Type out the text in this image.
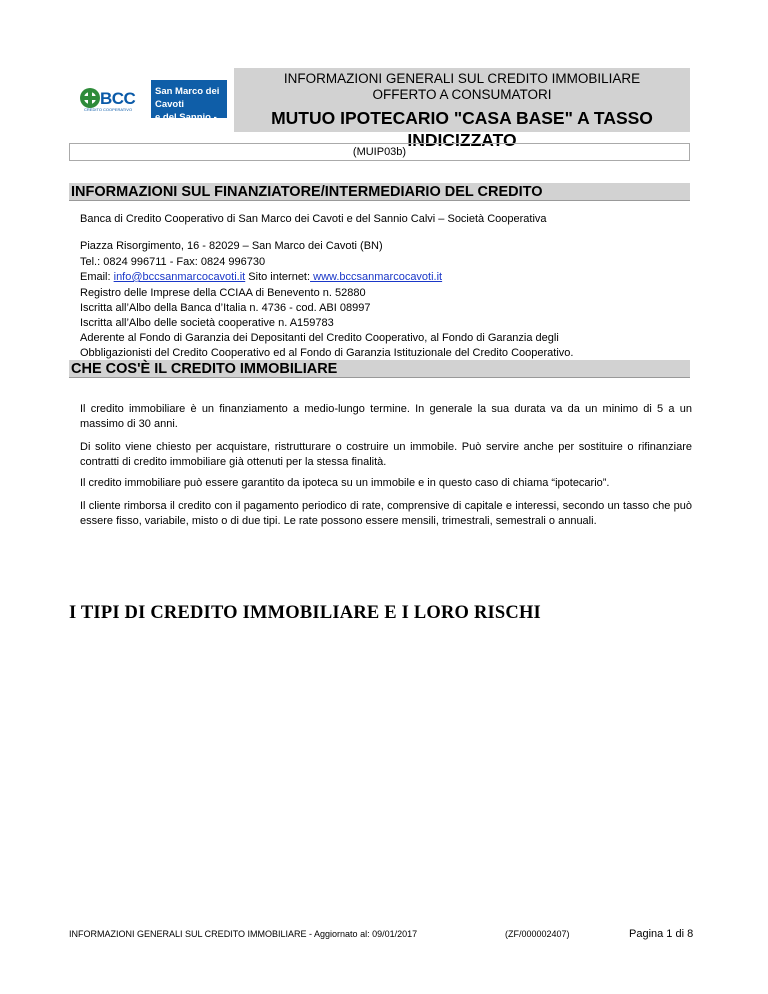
BCC
CREDITO COOPERATIVO
San Marco dei Cavoti
e del Sannio - Calvi
INFORMAZIONI GENERALI SUL CREDITO IMMOBILIARE
OFFERTO A CONSUMATORI
MUTUO IPOTECARIO "CASA BASE" A TASSO
INDICIZZATO
(MUIP03b)
INFORMAZIONI SUL FINANZIATORE/INTERMEDIARIO DEL CREDITO
Banca di Credito Cooperativo di San Marco dei Cavoti e del Sannio Calvi – Società Cooperativa
Piazza Risorgimento, 16 - 82029 – San Marco dei Cavoti (BN)
Tel.: 0824 996711 - Fax: 0824 996730
Email: info@bccsanmarcocavoti.it Sito internet: www.bccsanmarcocavoti.it
Registro delle Imprese della CCIAA di Benevento n. 52880
Iscritta all’Albo della Banca d’Italia n. 4736 - cod. ABI 08997
Iscritta all’Albo delle società cooperative n. A159783
Aderente al Fondo di Garanzia dei Depositanti del Credito Cooperativo, al Fondo di Garanzia degli
Obbligazionisti del Credito Cooperativo ed al Fondo di Garanzia Istituzionale del Credito Cooperativo.
CHE COS'È IL CREDITO IMMOBILIARE
Il credito immobiliare è un finanziamento a medio-lungo termine. In generale la sua durata va da un minimo di 5 a un massimo di 30 anni.
Di solito viene chiesto per acquistare, ristrutturare o costruire un immobile. Può servire anche per sostituire o rifinanziare contratti di credito immobiliare già ottenuti per la stessa finalità.
Il credito immobiliare può essere garantito da ipoteca su un immobile e in questo caso di chiama “ipotecario”.
Il cliente rimborsa il credito con il pagamento periodico di rate, comprensive di capitale e interessi, secondo un tasso che può essere fisso, variabile, misto o di due tipi. Le rate possono essere mensili, trimestrali, semestrali o annuali.
I TIPI DI CREDITO IMMOBILIARE E I LORO RISCHI
INFORMAZIONI GENERALI SUL CREDITO IMMOBILIARE - Aggiornato al: 09/01/2017	(ZF/000002407)	Pagina 1 di 8
